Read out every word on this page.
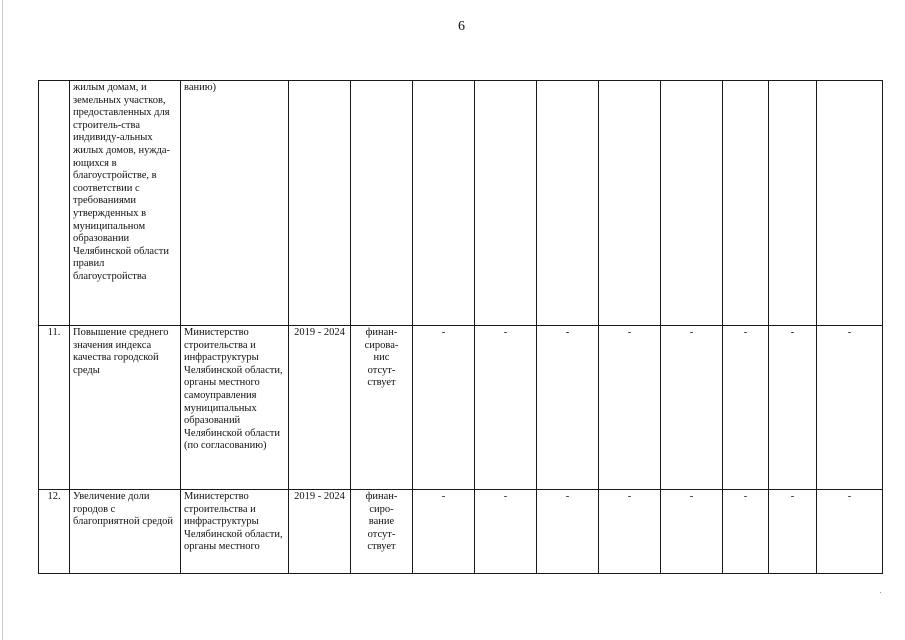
6
	жилым домам, и земельных участков, предоставленных для строитель-ства индивиду-альных жилых домов, нужда-ющихся в благоустройстве, в соответствии с требованиями утвержденных в муниципальном образовании Челябинской области правил благоустройства	ванию)										
11.	Повышение среднего значения индекса качества городской среды	Министерство строительства и инфраструктуры Челябинской области, органы местного самоуправления муниципальных образований Челябинской области (по согласованию)	2019 - 2024	финан-
сирова-
нис
отсут-
ствует	-	-	-	-	-	-	-	-
12.	Увеличение доли городов с благоприятной средой	Министерство строительства и инфраструктуры Челябинской области, органы местного	2019 - 2024	финан-
сиро-
вание
отсут-
ствует	-	-	-	-	-	-	-	-
